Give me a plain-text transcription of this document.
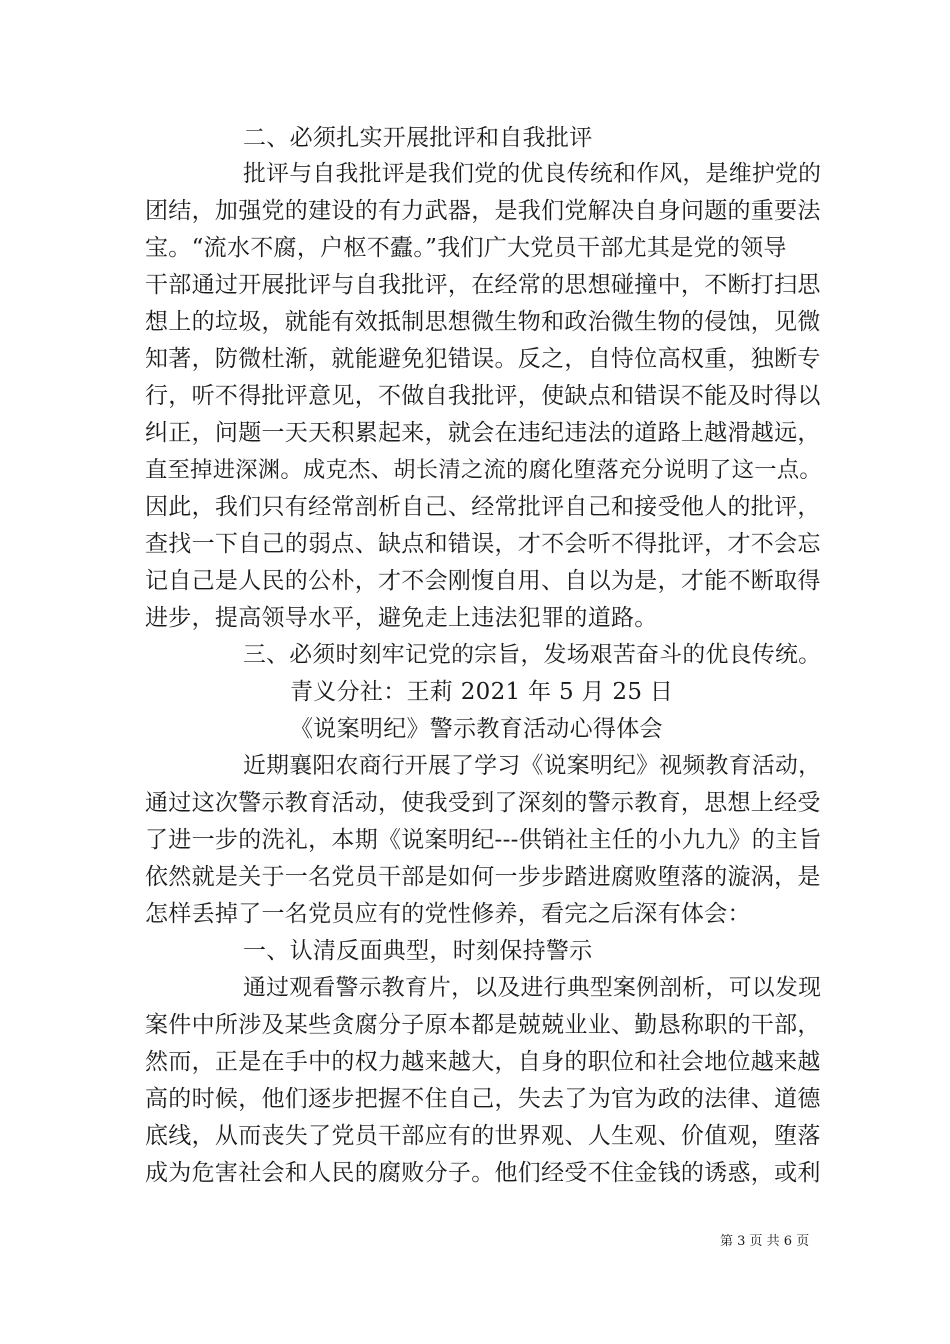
二、必须扎实开展批评和自我批评
批评与自我批评是我们党的优良传统和作风，是维护党的
团结，加强党的建设的有力武器，是我们党解决自身问题的重要法
宝。“流水不腐，户枢不蠹。”我们广大党员干部尤其是党的领导
干部通过开展批评与自我批评，在经常的思想碰撞中，不断打扫思
想上的垃圾，就能有效抵制思想微生物和政治微生物的侵蚀，见微
知著，防微杜渐，就能避免犯错误。反之，自恃位高权重，独断专
行，听不得批评意见，不做自我批评，使缺点和错误不能及时得以
纠正，问题一天天积累起来，就会在违纪违法的道路上越滑越远，
直至掉进深渊。成克杰、胡长清之流的腐化堕落充分说明了这一点。
因此，我们只有经常剖析自己、经常批评自己和接受他人的批评，
查找一下自己的弱点、缺点和错误，才不会听不得批评，才不会忘
记自己是人民的公朴，才不会刚愎自用、自以为是，才能不断取得
进步，提高领导水平，避免走上违法犯罪的道路。
三、必须时刻牢记党的宗旨，发场艰苦奋斗的优良传统。
青义分社：王莉 2021 年 5 月 25 日
《说案明纪》警示教育活动心得体会
近期襄阳农商行开展了学习《说案明纪》视频教育活动，
通过这次警示教育活动，使我受到了深刻的警示教育，思想上经受
了进一步的洗礼，本期《说案明纪---供销社主任的小九九》的主旨
依然就是关于一名党员干部是如何一步步踏进腐败堕落的漩涡，是
怎样丢掉了一名党员应有的党性修养，看完之后深有体会：
一、认清反面典型，时刻保持警示
通过观看警示教育片，以及进行典型案例剖析，可以发现
案件中所涉及某些贪腐分子原本都是兢兢业业、勤恳称职的干部，
然而，正是在手中的权力越来越大，自身的职位和社会地位越来越
高的时候，他们逐步把握不住自己，失去了为官为政的法律、道德
底线，从而丧失了党员干部应有的世界观、人生观、价值观，堕落
成为危害社会和人民的腐败分子。他们经受不住金钱的诱惑，或利
第 3 页 共 6 页
